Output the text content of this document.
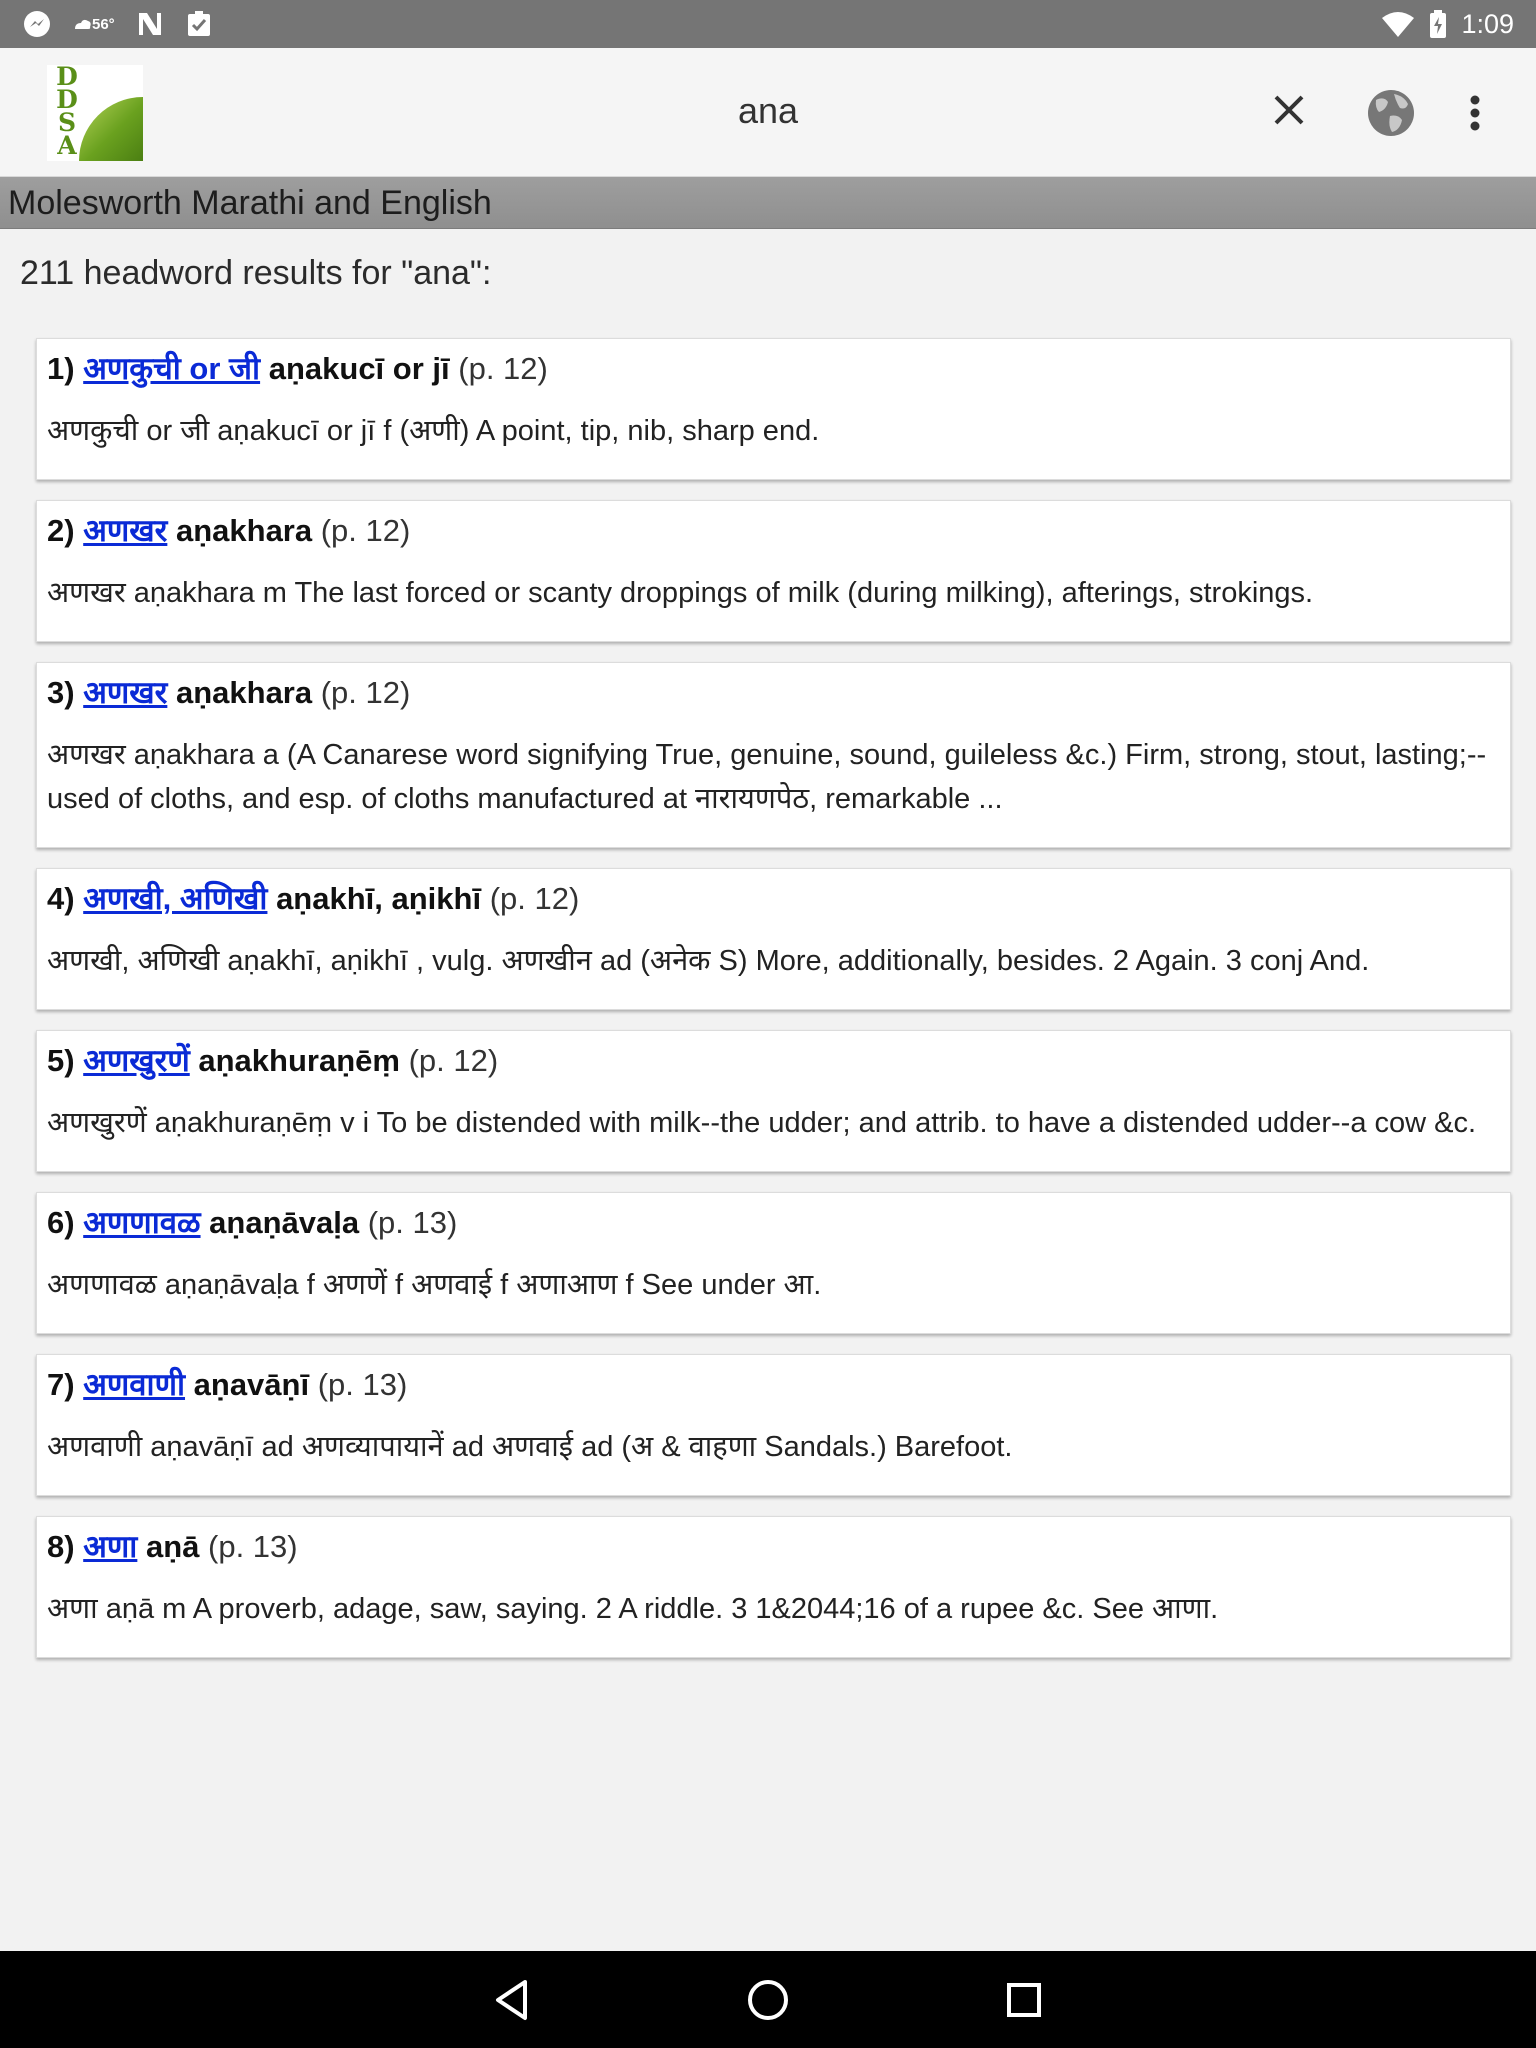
56°	1:09
D
D
S
A
ana
Molesworth Marathi and English
211 headword results for "ana":
1) अणकुची or जी aṇakucī or jī (p. 12)
अणकुची or जी aṇakucī or jī f (अणी) A point, tip, nib, sharp end.
2) अणखर aṇakhara (p. 12)
अणखर aṇakhara m The last forced or scanty droppings of milk (during milking), afterings, strokings.
3) अणखर aṇakhara (p. 12)
अणखर aṇakhara a (A Canarese word signifying True, genuine, sound, guileless &c.) Firm, strong, stout, lasting;--used of cloths, and esp. of cloths manufactured at नारायणपेठ, remarkable ...
4) अणखी, अणिखी aṇakhī, aṇikhī (p. 12)
अणखी, अणिखी aṇakhī, aṇikhī , vulg. अणखीन ad (अनेक S) More, additionally, besides. 2 Again. 3 conj And.
5) अणखुरणें aṇakhuraṇēṃ (p. 12)
अणखुरणें aṇakhuraṇēṃ v i To be distended with milk--the udder; and attrib. to have a distended udder--a cow &c.
6) अणणावळ aṇaṇāvaḷa (p. 13)
अणणावळ aṇaṇāvaḷa f अणणें f अणवाई f अणाआण f See under आ.
7) अणवाणी aṇavāṇī (p. 13)
अणवाणी aṇavāṇī ad अणव्यापायानें ad अणवाई ad (अ & वाहणा Sandals.) Barefoot.
8) अणा aṇā (p. 13)
अणा aṇā m A proverb, adage, saw, saying. 2 A riddle. 3 1&2044;16 of a rupee &c. See आणा.
